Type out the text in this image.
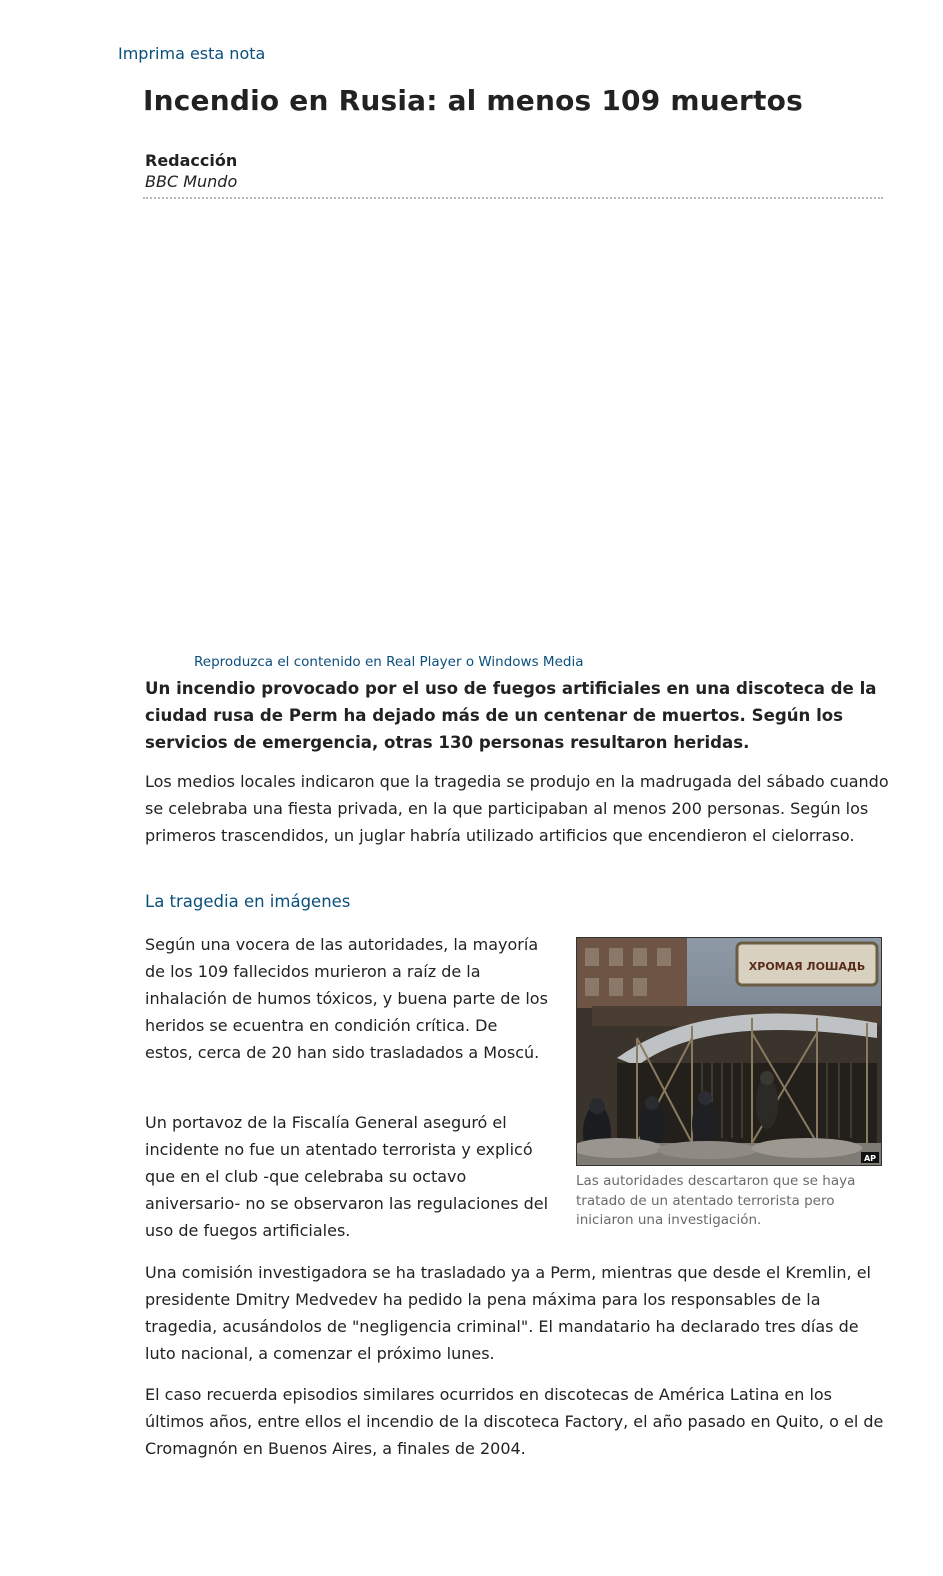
Imprima esta nota
Incendio en Rusia: al menos 109 muertos
Redacción
BBC Mundo
Reproduzca el contenido en Real Player o Windows Media

Un incendio provocado por el uso de fuegos artificiales en una discoteca de la ciudad rusa de Perm ha dejado más de un centenar de muertos. Según los servicios de emergencia, otras 130 personas resultaron heridas.

Los medios locales indicaron que la tragedia se produjo en la madrugada del sábado cuando se celebraba una fiesta privada, en la que participaban al menos 200 personas. Según los primeros trascendidos, un juglar habría utilizado artificios que encendieron el cielorraso.

La tragedia en imágenes

Según una vocera de las autoridades, la mayoría de los 109 fallecidos murieron a raíz de la inhalación de humos tóxicos, y buena parte de los heridos se ecuentra en condición crítica. De estos, cerca de 20 han sido trasladados a Moscú.

Un portavoz de la Fiscalía General aseguró el incidente no fue un atentado terrorista y explicó que en el club -que celebraba su octavo aniversario- no se observaron las regulaciones del uso de fuegos artificiales.

ХРОМАЯ ЛОШАДЬ
AP
Las autoridades descartaron que se haya tratado de un atentado terrorista pero iniciaron una investigación.

Una comisión investigadora se ha trasladado ya a Perm, mientras que desde el Kremlin, el presidente Dmitry Medvedev ha pedido la pena máxima para los responsables de la tragedia, acusándolos de "negligencia criminal". El mandatario ha declarado tres días de luto nacional, a comenzar el próximo lunes.

El caso recuerda episodios similares ocurridos en discotecas de América Latina en los últimos años, entre ellos el incendio de la discoteca Factory, el año pasado en Quito, o el de Cromagnón en Buenos Aires, a finales de 2004.
